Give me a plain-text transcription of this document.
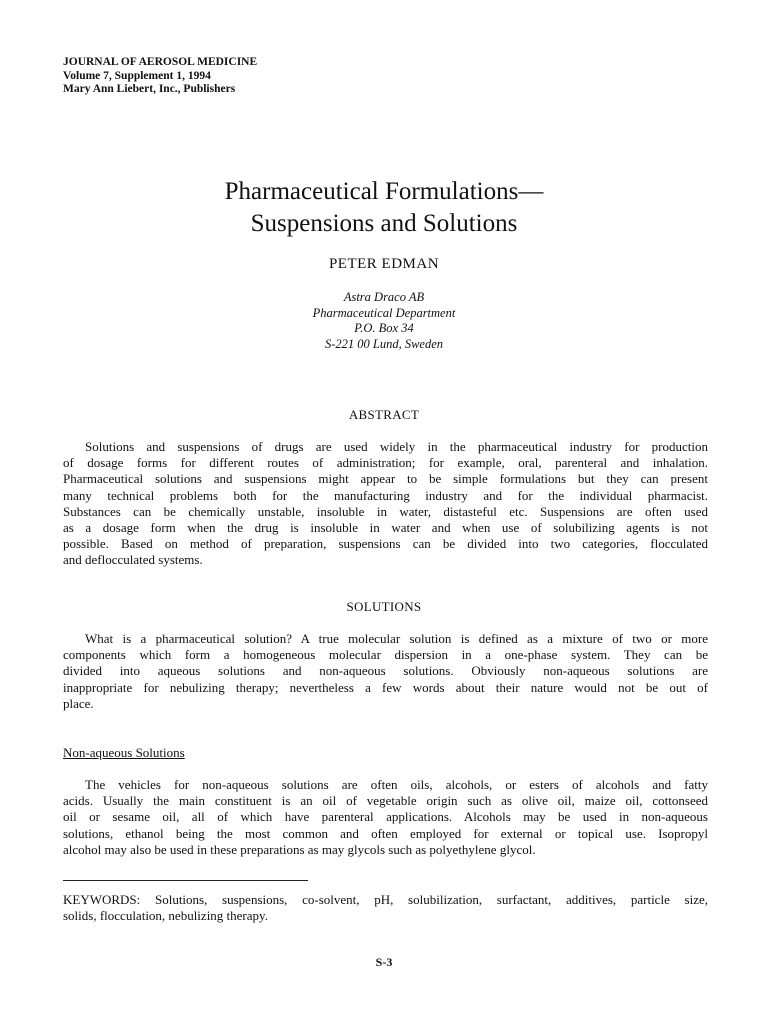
JOURNAL OF AEROSOL MEDICINE
Volume 7, Supplement 1, 1994
Mary Ann Liebert, Inc., Publishers
Pharmaceutical Formulations—
Suspensions and Solutions
PETER EDMAN
Astra Draco AB
Pharmaceutical Department
P.O. Box 34
S-221 00 Lund, Sweden
ABSTRACT
Solutions and suspensions of drugs are used widely in the pharmaceutical industry for production
of dosage forms for different routes of administration; for example, oral, parenteral and inhalation.
Pharmaceutical solutions and suspensions might appear to be simple formulations but they can present
many technical problems both for the manufacturing industry and for the individual pharmacist.
Substances can be chemically unstable, insoluble in water, distasteful etc. Suspensions are often used
as a dosage form when the drug is insoluble in water and when use of solubilizing agents is not
possible. Based on method of preparation, suspensions can be divided into two categories, flocculated
and deflocculated systems.
SOLUTIONS
What is a pharmaceutical solution? A true molecular solution is defined as a mixture of two or more
components which form a homogeneous molecular dispersion in a one-phase system. They can be
divided into aqueous solutions and non-aqueous solutions. Obviously non-aqueous solutions are
inappropriate for nebulizing therapy; nevertheless a few words about their nature would not be out of
place.
Non-aqueous Solutions
The vehicles for non-aqueous solutions are often oils, alcohols, or esters of alcohols and fatty
acids. Usually the main constituent is an oil of vegetable origin such as olive oil, maize oil, cottonseed
oil or sesame oil, all of which have parenteral applications. Alcohols may be used in non-aqueous
solutions, ethanol being the most common and often employed for external or topical use. Isopropyl
alcohol may also be used in these preparations as may glycols such as polyethylene glycol.
KEYWORDS: Solutions, suspensions, co-solvent, pH, solubilization, surfactant, additives, particle size,
solids, flocculation, nebulizing therapy.
S-3
